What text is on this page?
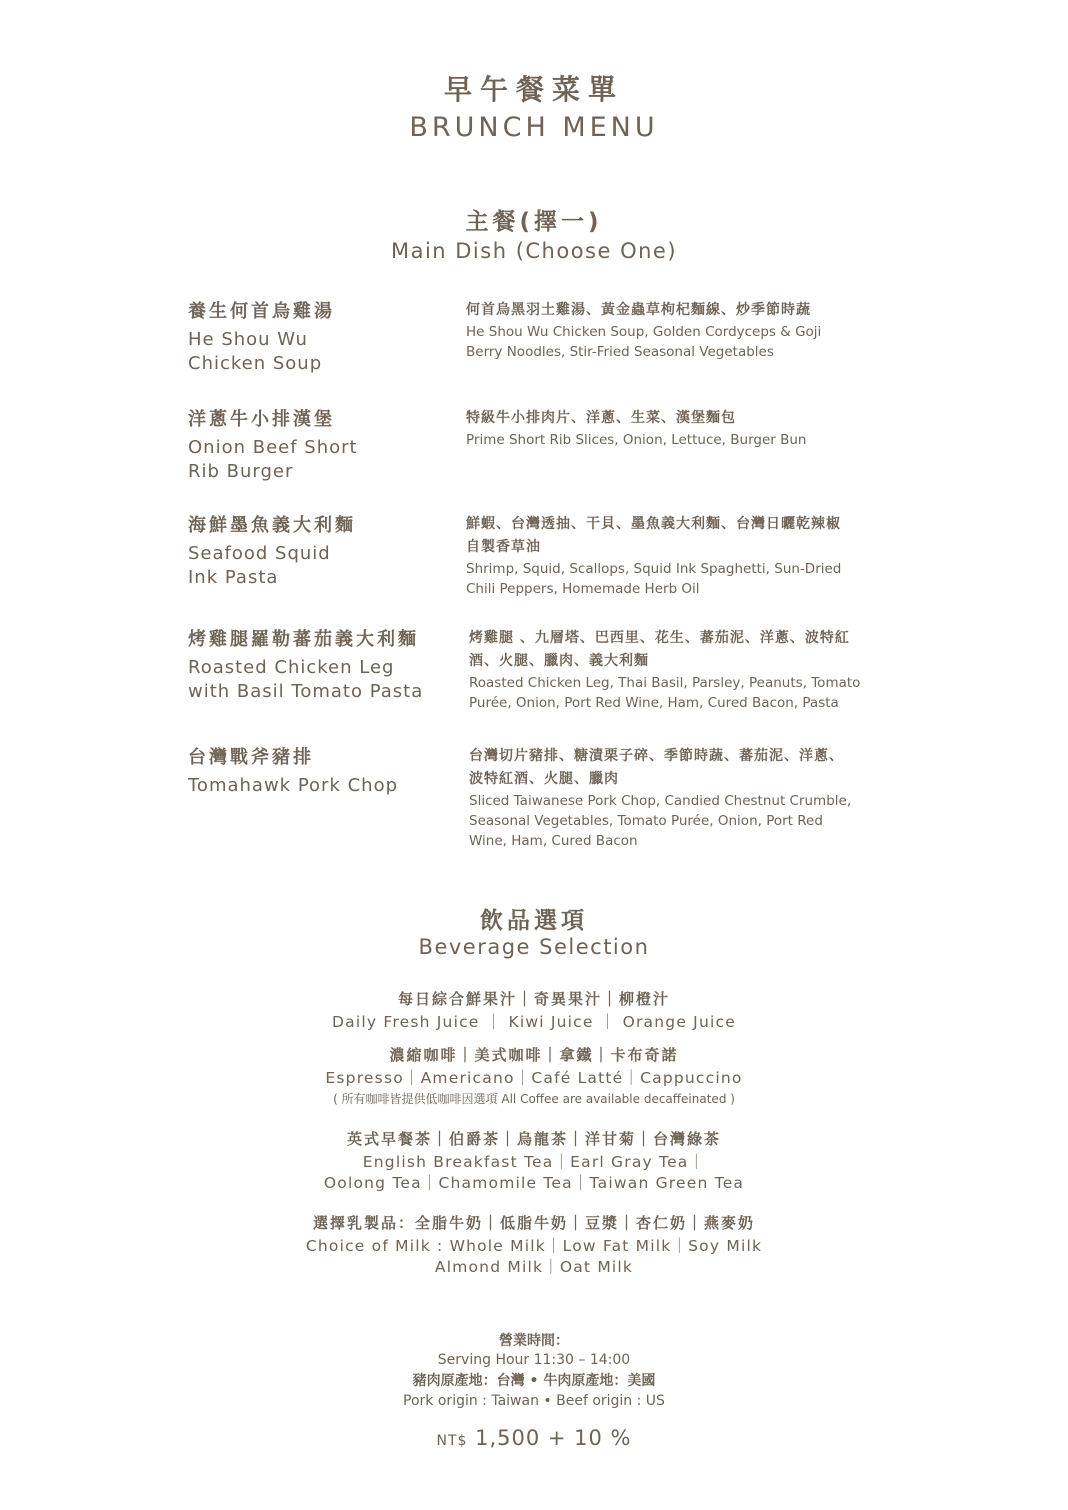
早午餐菜單
BRUNCH MENU
主餐(擇一)
Main Dish (Choose One)
養生何首烏雞湯
He Shou Wu
Chicken Soup
何首烏黑羽土雞湯、黃金蟲草枸杞麵線、炒季節時蔬
He Shou Wu Chicken Soup, Golden Cordyceps & Goji
Berry Noodles, Stir-Fried Seasonal Vegetables
洋蔥牛小排漢堡
Onion Beef Short
Rib Burger
特級牛小排肉片、洋蔥、生菜、漢堡麵包
Prime Short Rib Slices, Onion, Lettuce, Burger Bun
海鮮墨魚義大利麵
Seafood Squid
Ink Pasta
鮮蝦、台灣透抽、干貝、墨魚義大利麵、台灣日曬乾辣椒
自製香草油
Shrimp, Squid, Scallops, Squid Ink Spaghetti, Sun-Dried
Chili Peppers, Homemade Herb Oil
烤雞腿羅勒蕃茄義大利麵
Roasted Chicken Leg
with Basil Tomato Pasta
烤雞腿 、九層塔、巴西里、花生、蕃茄泥、洋蔥、波特紅
酒、火腿、臘肉、義大利麵
Roasted Chicken Leg, Thai Basil, Parsley, Peanuts, Tomato
Purée, Onion, Port Red Wine, Ham, Cured Bacon, Pasta
台灣戰斧豬排
Tomahawk Pork Chop
台灣切片豬排、糖漬栗子碎、季節時蔬、蕃茄泥、洋蔥、
波特紅酒、火腿、臘肉
Sliced Taiwanese Pork Chop, Candied Chestnut Crumble,
Seasonal Vegetables, Tomato Purée, Onion, Port Red
Wine, Ham, Cured Bacon
飲品選項
Beverage Selection
每日綜合鮮果汁｜奇異果汁｜柳橙汁
Daily Fresh Juice ｜ Kiwi Juice ｜ Orange Juice
濃縮咖啡｜美式咖啡｜拿鐵｜卡布奇諾
Espresso｜Americano｜Café Latté｜Cappuccino
( 所有咖啡皆提供低咖啡因選項 All Coffee are available decaffeinated )
英式早餐茶｜伯爵茶｜烏龍茶｜洋甘菊｜台灣綠茶
English Breakfast Tea｜Earl Gray Tea｜
Oolong Tea｜Chamomile Tea｜Taiwan Green Tea
選擇乳製品：全脂牛奶｜低脂牛奶｜豆漿｜杏仁奶｜燕麥奶
Choice of Milk : Whole Milk｜Low Fat Milk｜Soy Milk
Almond Milk｜Oat Milk
營業時間：
Serving Hour 11:30 – 14:00
豬肉原產地：台灣 • 牛肉原產地：美國
Pork origin : Taiwan • Beef origin : US
NT$ 1,500 + 10 %
